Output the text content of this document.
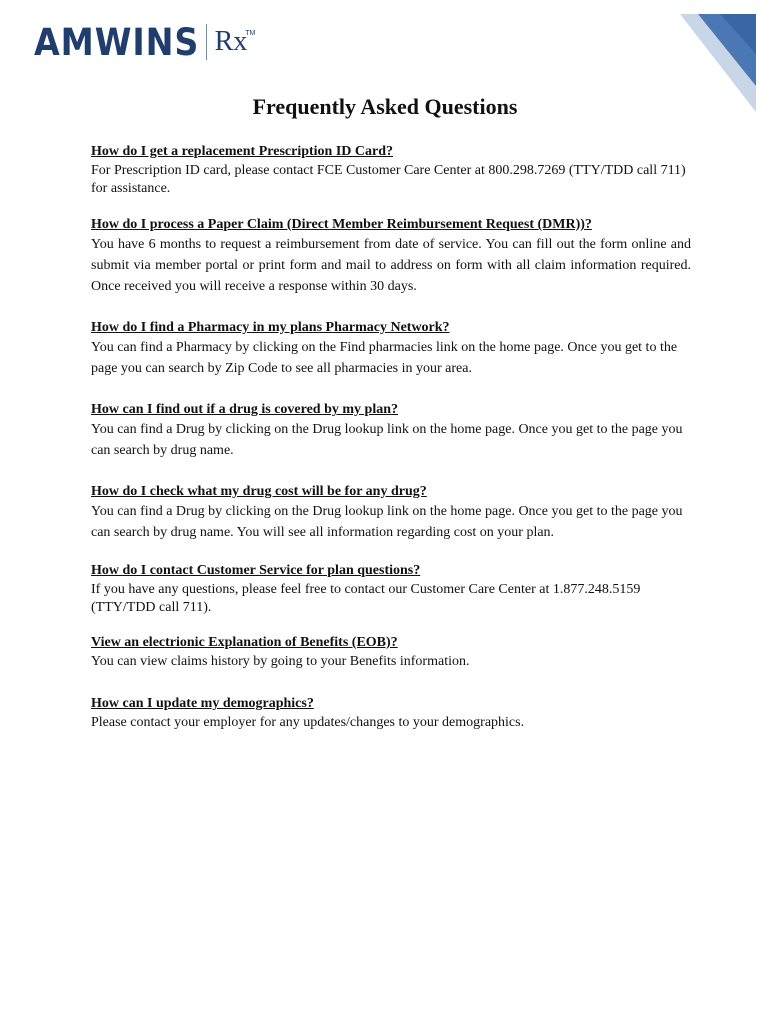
AMWINS Rx
TM
Frequently Asked Questions
How do I get a replacement Prescription ID Card?
For Prescription ID card, please contact FCE Customer Care Center at 800.298.7269 (TTY/TDD call 711) for assistance.
How do I process a Paper Claim (Direct Member Reimbursement Request (DMR))?
You have 6 months to request a reimbursement from date of service. You can fill out the form online and submit via member portal or print form and mail to address on form with all claim information required. Once received you will receive a response within 30 days.
How do I find a Pharmacy in my plans Pharmacy Network?
You can find a Pharmacy by clicking on the Find pharmacies link on the home page. Once you get to the page you can search by Zip Code to see all pharmacies in your area.
How can I find out if a drug is covered by my plan?
You can find a Drug by clicking on the Drug lookup link on the home page. Once you get to the page you can search by drug name.
How do I check what my drug cost will be for any drug?
You can find a Drug by clicking on the Drug lookup link on the home page. Once you get to the page you can search by drug name. You will see all information regarding cost on your plan.
How do I contact Customer Service for plan questions?
If you have any questions, please feel free to contact our Customer Care Center at 1.877.248.5159 (TTY/TDD call 711).
View an electrionic Explanation of Benefits (EOB)?
You can view claims history by going to your Benefits information.
How can I update my demographics?
Please contact your employer for any updates/changes to your demographics.
